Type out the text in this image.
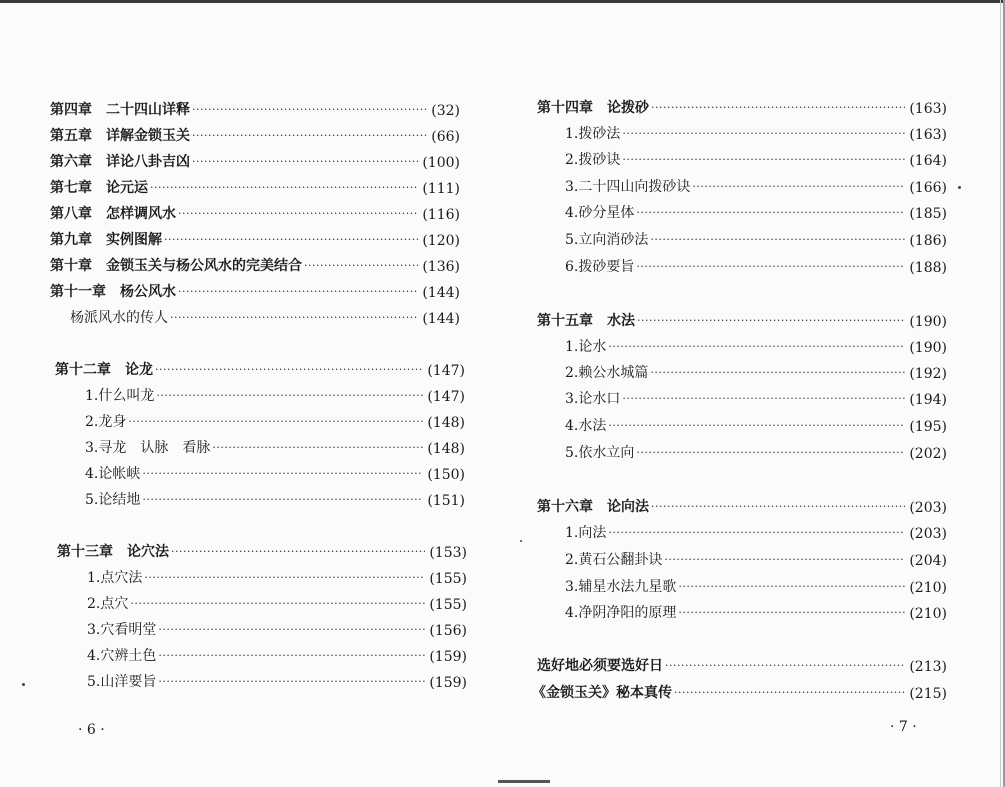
第四章　二十四山详释 ·····	(32)
第五章　详解金锁玉关 ·····	(66)
第六章　详论八卦吉凶 ·····	(100)
第七章　论元运 ·····	(111)
第八章　怎样调风水 ·····	(116)
第九章　实例图解 ·····	(120)
第十章　金锁玉关与杨公风水的完美结合 ·····	(136)
第十一章　杨公风水 ·····	(144)
杨派风水的传人 ·····	(144)
第十二章　论龙 ·····	(147)
1.什么叫龙 ·····	(147)
2.龙身 ·····	(148)
3.寻龙　认脉　看脉 ·····	(148)
4.论帐峡 ·····	(150)
5.论结地 ·····	(151)
第十三章　论穴法 ·····	(153)
1.点穴法 ·····	(155)
2.点穴 ·····	(155)
3.穴看明堂 ·····	(156)
4.穴辨土色 ·····	(159)
5.山洋要旨 ·····	(159)
· 6 ·
第十四章　论拨砂 ·····	(163)
1.拨砂法 ·····	(163)
2.拨砂诀 ·····	(164)
3.二十四山向拨砂诀 ·····	(166)
4.砂分星体 ·····	(185)
5.立向消砂法 ·····	(186)
6.拨砂要旨 ·····	(188)
第十五章　水法 ·····	(190)
1.论水 ·····	(190)
2.赖公水城篇 ·····	(192)
3.论水口 ·····	(194)
4.水法 ·····	(195)
5.依水立向 ·····	(202)
第十六章　论向法 ·····	(203)
1.向法 ·····	(203)
2.黄石公翻卦诀 ·····	(204)
3.辅星水法九星歌 ·····	(210)
4.净阴净阳的原理 ·····	(210)
选好地必须要选好日 ·····	(213)
《金锁玉关》秘本真传 ·····	(215)
· 7 ·
